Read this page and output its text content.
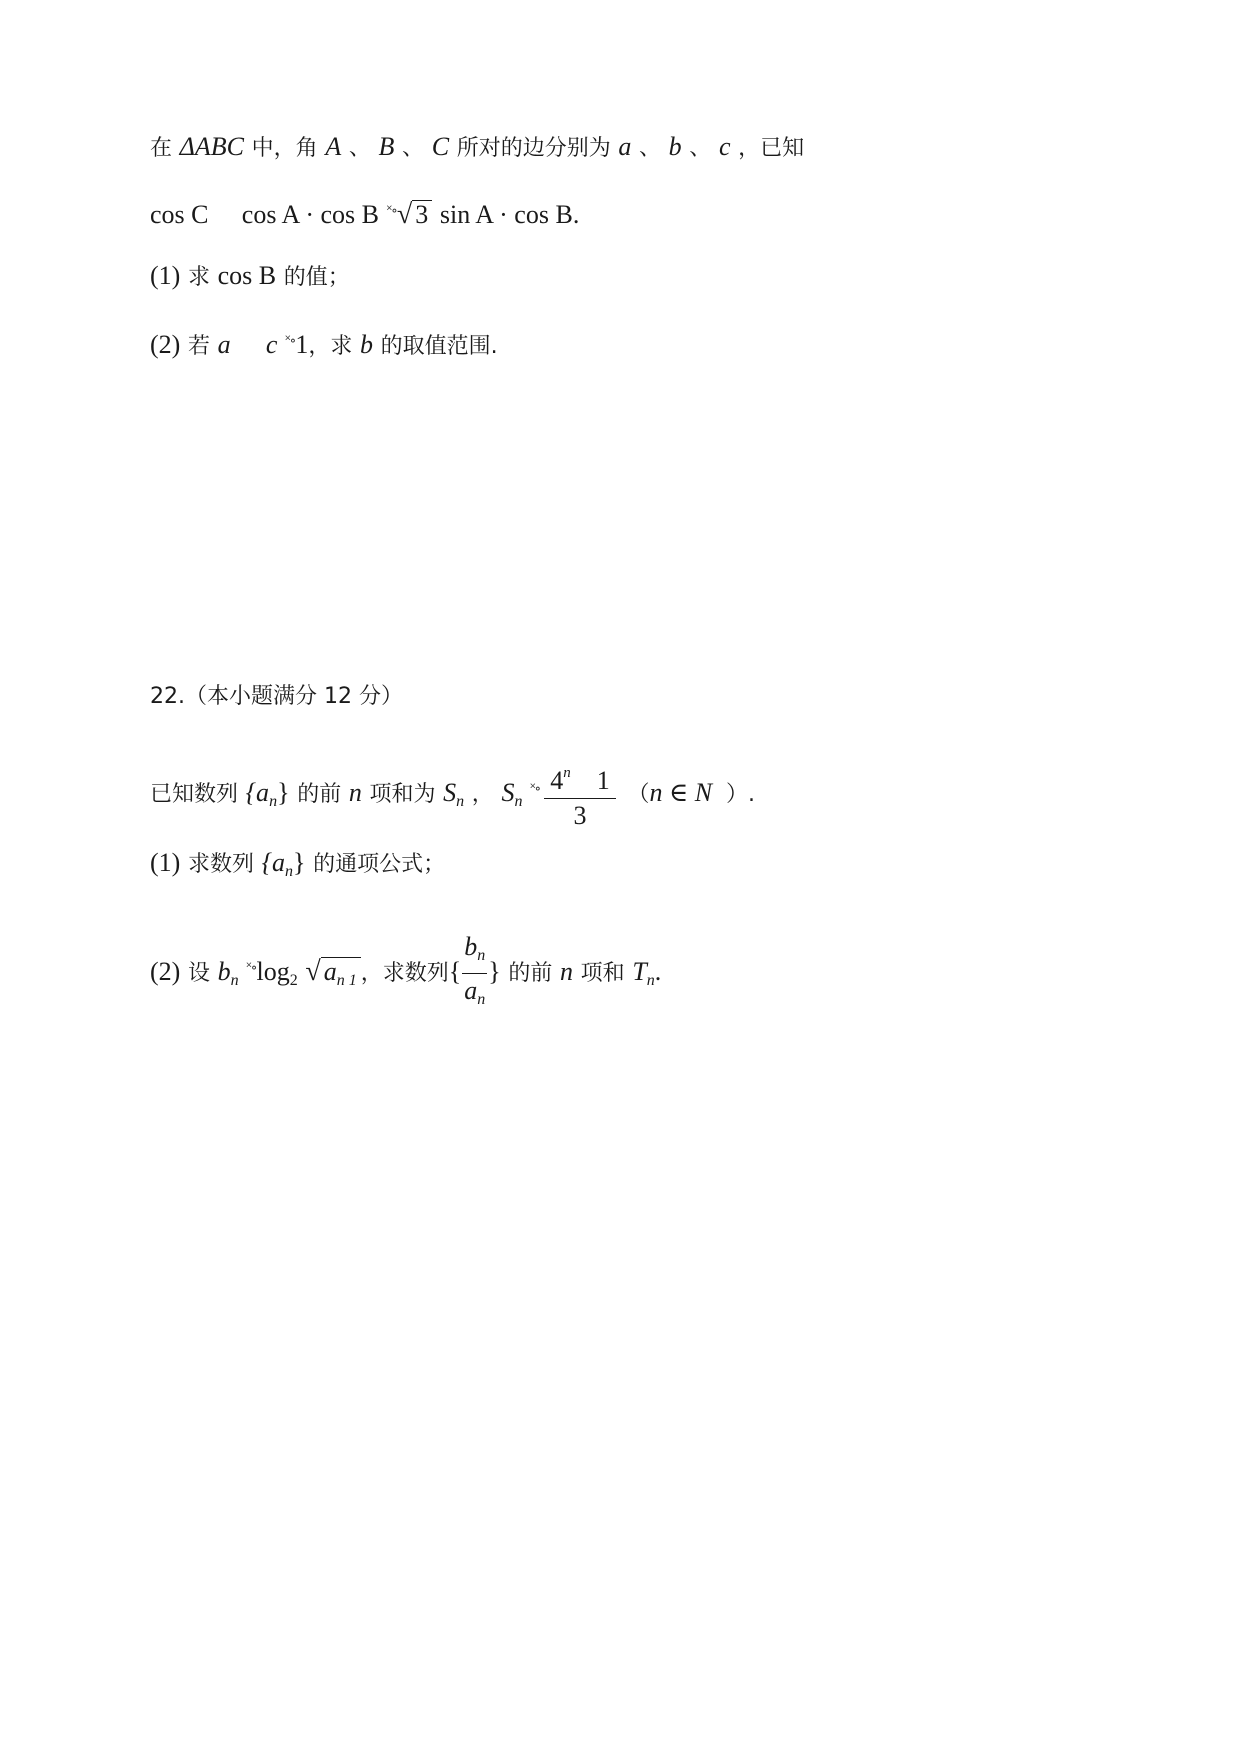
在 ΔABC 中，角 A 、 B 、 C 所对的边分别为 a 、 b 、 c ，已知
cos C cos A · cos B ˟∘√ 3 sin A · cos B.
(1) 求 cos B 的值；
(2) 若 a c ˟∘1，求 b 的取值范围.
22.（本小题满分 12 分）
已知数列 $\{a_n\}$ 的前 n 项和为 $S_n$ ， $S_n$ $^{˟\circ} \frac{4^n 1}{3} (n$ ∈ N ）.
(1) 求数列 $\{a_n\}$ 的通项公式；
(2) 设 $b_n$ $^{˟\circ}\log_2$ √ $a_{n 1}$ ，求数列{ $\frac{b_n}{a_n}$ } 的前 n 项和 $T_n$.
